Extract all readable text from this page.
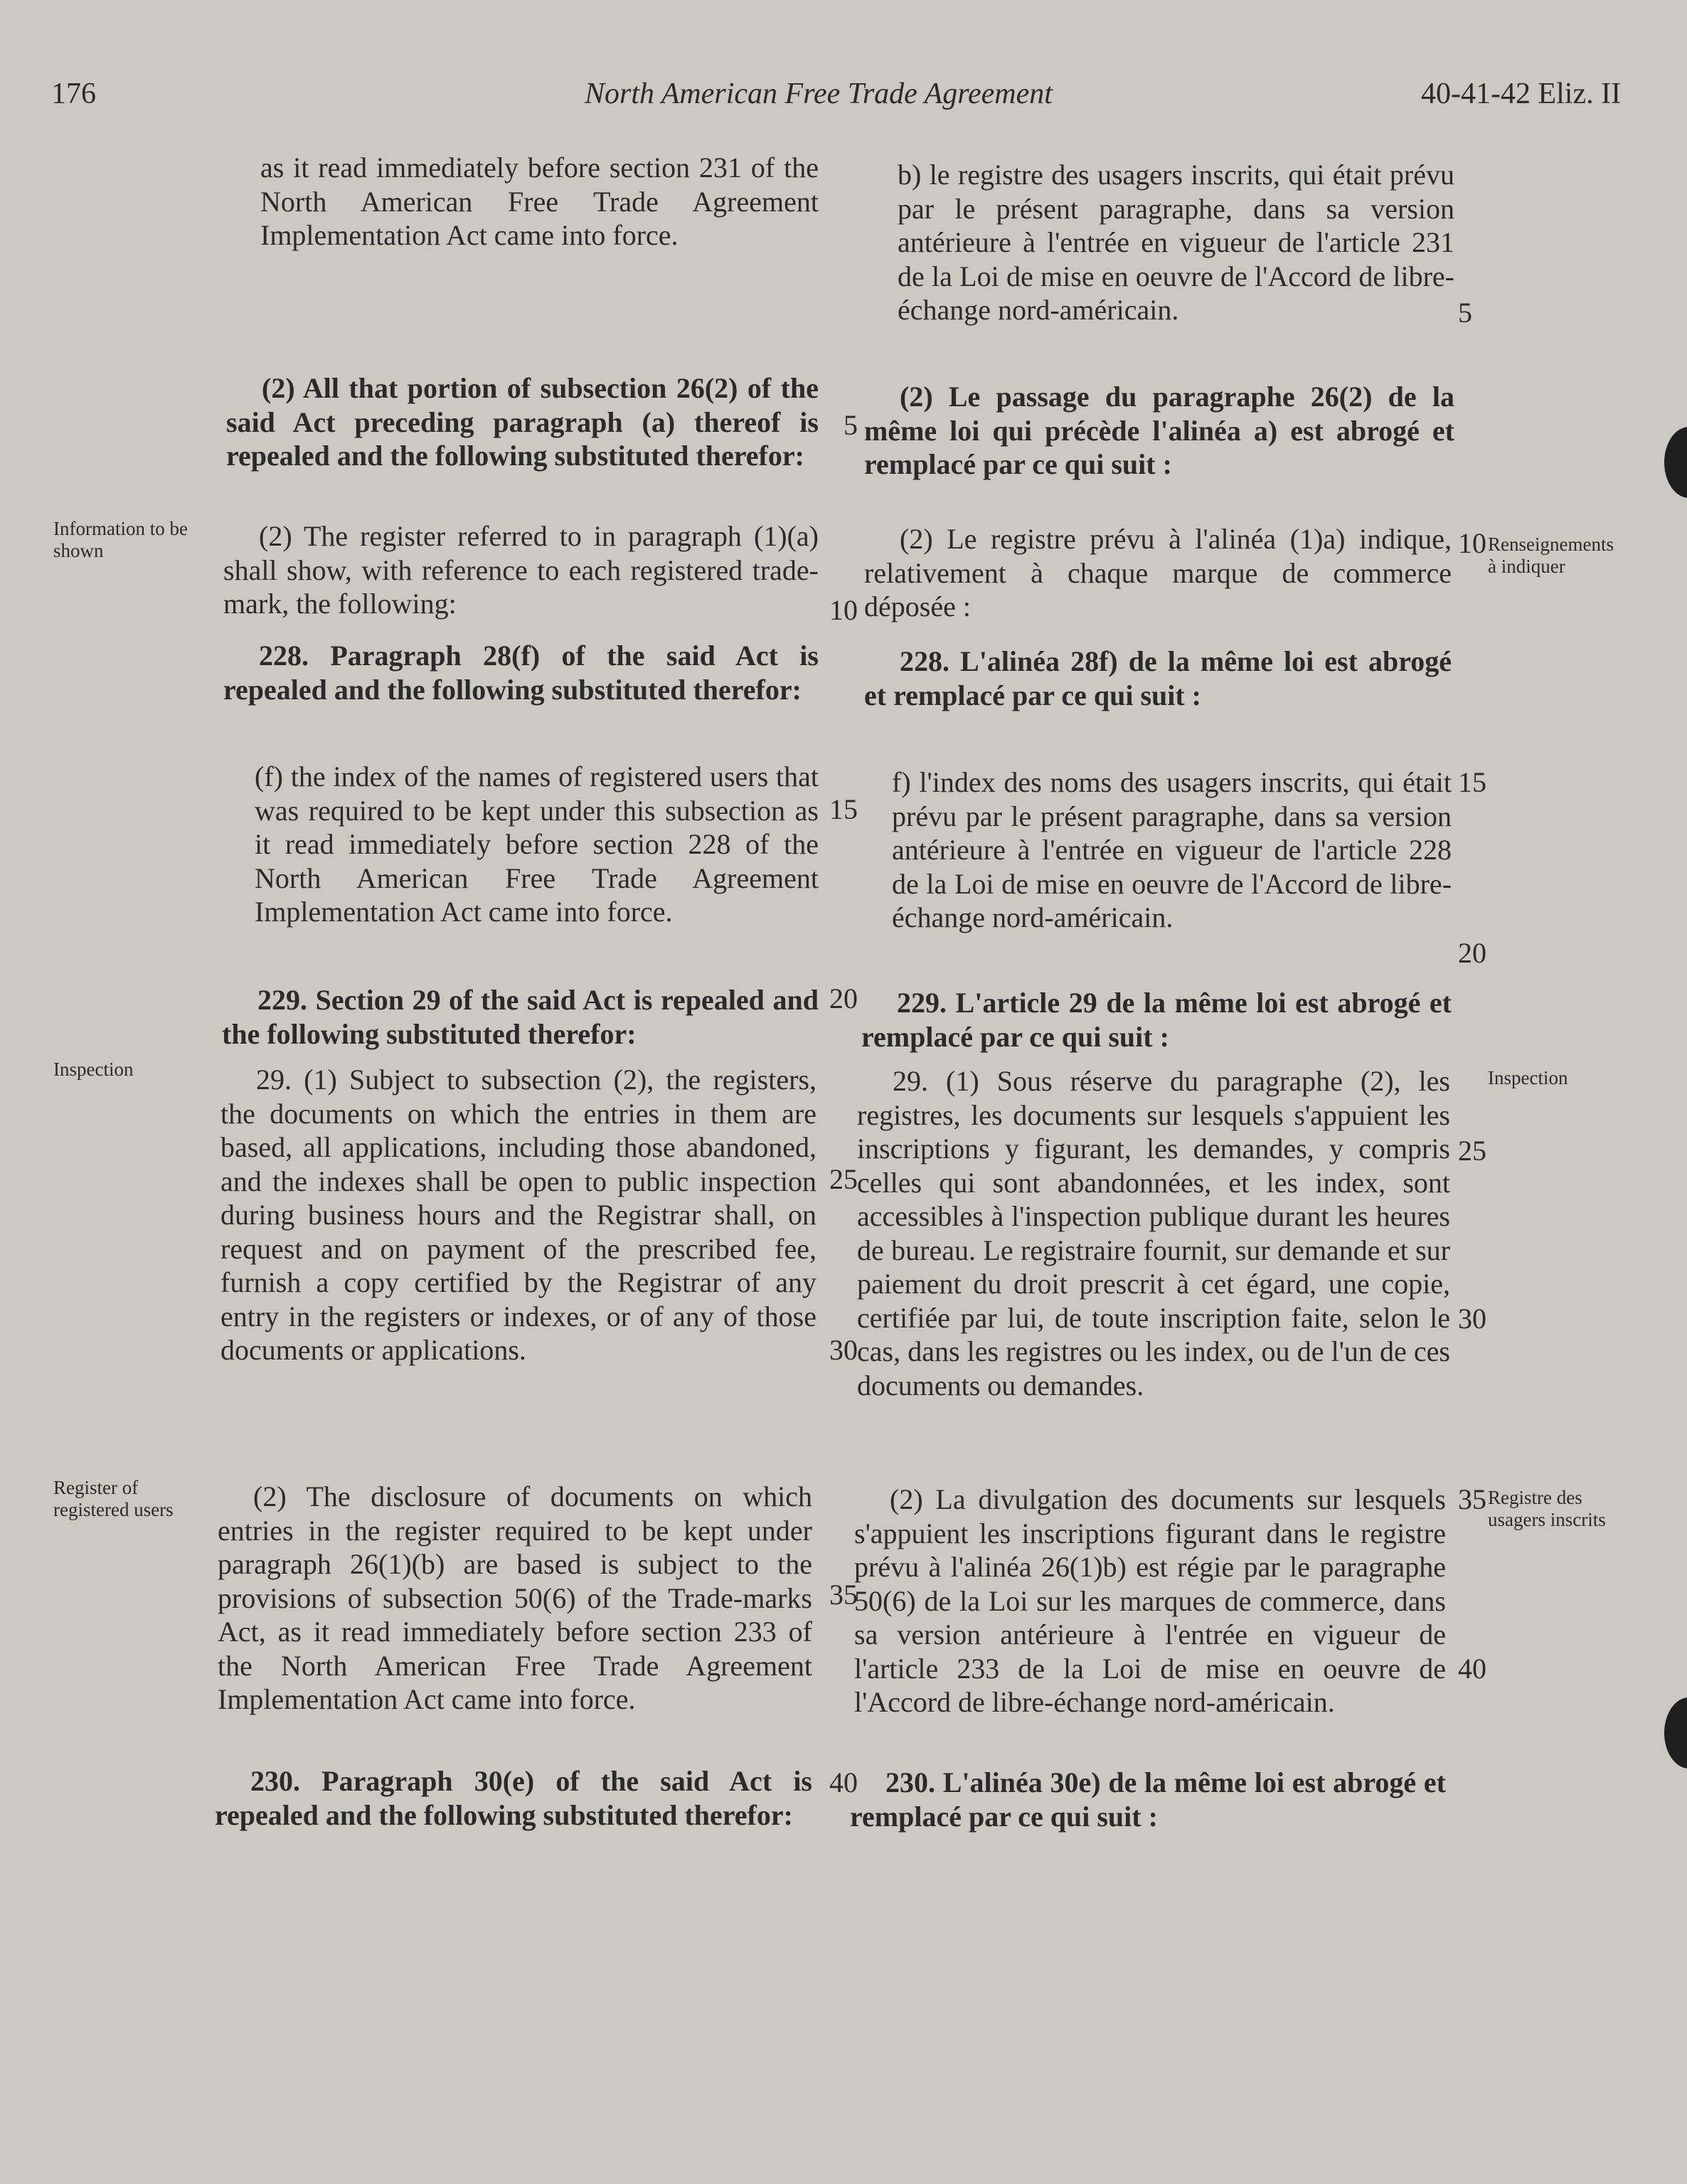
176	North American Free Trade Agreement	40-41-42 Eliz. II
Information to be shown
Inspection
Register of registered users
Renseignements à indiquer
Inspection
Registre des usagers inscrits

as it read immediately before section 231 of the North American Free Trade Agreement Implementation Act came into force.

(2) All that portion of subsection 26(2) of the said Act preceding paragraph (a) thereof is repealed and the following substituted therefor:

(2) The register referred to in paragraph (1)(a) shall show, with reference to each registered trade-mark, the following:

228. Paragraph 28(f) of the said Act is repealed and the following substituted therefor:

(f) the index of the names of registered users that was required to be kept under this subsection as it read immediately before section 228 of the North American Free Trade Agreement Implementation Act came into force.

229. Section 29 of the said Act is repealed and the following substituted therefor:

29. (1) Subject to subsection (2), the registers, the documents on which the entries in them are based, all applications, including those abandoned, and the indexes shall be open to public inspection during business hours and the Registrar shall, on request and on payment of the prescribed fee, furnish a copy certified by the Registrar of any entry in the registers or indexes, or of any of those documents or applications.

(2) The disclosure of documents on which entries in the register required to be kept under paragraph 26(1)(b) are based is subject to the provisions of subsection 50(6) of the Trade-marks Act, as it read immediately before section 233 of the North American Free Trade Agreement Implementation Act came into force.

230. Paragraph 30(e) of the said Act is repealed and the following substituted therefor:

5
10
15
20
25
30
35
40

b) le registre des usagers inscrits, qui était prévu par le présent paragraphe, dans sa version antérieure à l'entrée en vigueur de l'article 231 de la Loi de mise en oeuvre de l'Accord de libre-échange nord-américain.

(2) Le passage du paragraphe 26(2) de la même loi qui précède l'alinéa a) est abrogé et remplacé par ce qui suit :

(2) Le registre prévu à l'alinéa (1)a) indique, relativement à chaque marque de commerce déposée :

228. L'alinéa 28f) de la même loi est abrogé et remplacé par ce qui suit :

f) l'index des noms des usagers inscrits, qui était prévu par le présent paragraphe, dans sa version antérieure à l'entrée en vigueur de l'article 228 de la Loi de mise en oeuvre de l'Accord de libre-échange nord-américain.

229. L'article 29 de la même loi est abrogé et remplacé par ce qui suit :

29. (1) Sous réserve du paragraphe (2), les registres, les documents sur lesquels s'appuient les inscriptions y figurant, les demandes, y compris celles qui sont abandonnées, et les index, sont accessibles à l'inspection publique durant les heures de bureau. Le registraire fournit, sur demande et sur paiement du droit prescrit à cet égard, une copie, certifiée par lui, de toute inscription faite, selon le cas, dans les registres ou les index, ou de l'un de ces documents ou demandes.

(2) La divulgation des documents sur lesquels s'appuient les inscriptions figurant dans le registre prévu à l'alinéa 26(1)b) est régie par le paragraphe 50(6) de la Loi sur les marques de commerce, dans sa version antérieure à l'entrée en vigueur de l'article 233 de la Loi de mise en oeuvre de l'Accord de libre-échange nord-américain.

230. L'alinéa 30e) de la même loi est abrogé et remplacé par ce qui suit :

5
10
15
20
25
30
35
40
